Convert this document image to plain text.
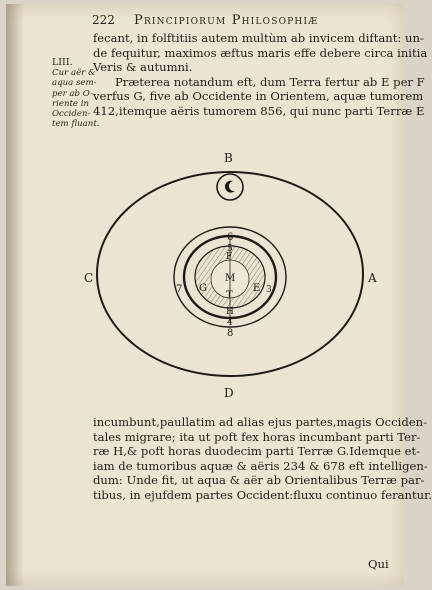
222 Principiorum Philosophiæ
LIII.
Cur aër &
aqua sem-
per ab O-
riente in
Occiden-
tem fluant.

fecant, in folftitiis autem multùm ab invicem diftant: un-
de fequitur, maximos æftus maris effe debere circa initia
Veris & autumni.
Præterea notandum eft, dum Terra fertur ab E per F
verfus G, five ab Occidente in Orientem, aquæ tumorem
412,itemque aëris tumorem 856, qui nunc parti Terræ E

B
C	A
D
M
T
G	E
F
H
6
5
7	3
4
8

incumbunt,paullatim ad alias ejus partes,magis Occiden-
tales migrare; ita ut poft fex horas incumbant parti Ter-
ræ H,& poft horas duodecim parti Terræ G.Idemque et-
iam de tumoribus aquæ & aëris 234 & 678 eft intelligen-
dum: Unde fit, ut aqua & aër ab Orientalibus Terræ par-
tibus, in ejufdem partes Occident:fluxu continuo ferantur.

Qui
